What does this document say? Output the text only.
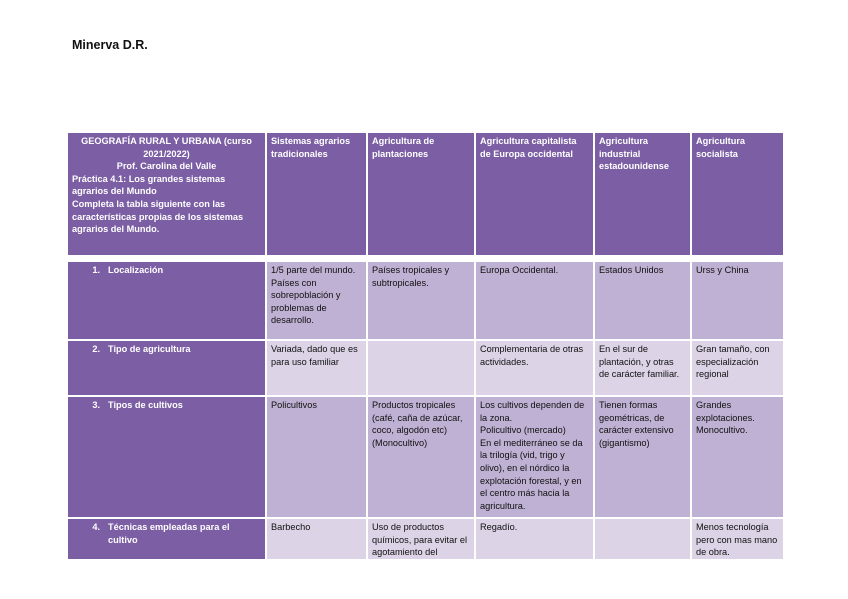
Minerva D.R.
GEOGRAFÍA RURAL Y URBANA (curso
2021/2022)
Prof. Carolina del Valle
Práctica 4.1: Los grandes sistemas agrarios del Mundo
Completa la tabla siguiente con las características propias de los sistemas agrarios del Mundo.	Sistemas agrarios tradicionales	Agricultura de plantaciones	Agricultura capitalista de Europa occidental	Agricultura industrial estadounidense	Agricultura socialista

1. Localización	1/5 parte del mundo.
Países con sobrepoblación y problemas de desarrollo.	Países tropicales y subtropicales.	Europa Occidental.	Estados Unidos	Urss y China

2. Tipo de agricultura	Variada, dado que es para uso familiar		Complementaria de otras actividades.	En el sur de plantación, y otras de carácter familiar.	Gran tamaño, con especialización regional

3. Tipos de cultivos	Policultivos	Productos tropicales (café, caña de azúcar, coco, algodón etc)
(Monocultivo)	Los cultivos dependen de la zona.
Policultivo (mercado)
En el mediterráneo se da la trilogía (vid, trigo y olivo), en el nórdico la explotación forestal, y en el centro más hacia la agricultura.	Tienen formas geométricas, de carácter extensivo (gigantismo)	Grandes explotaciones.
Monocultivo.

4. Técnicas empleadas para el cultivo	Barbecho	Uso de productos químicos, para evitar el agotamiento del	Regadío.		Menos tecnología pero con mas mano de obra.
